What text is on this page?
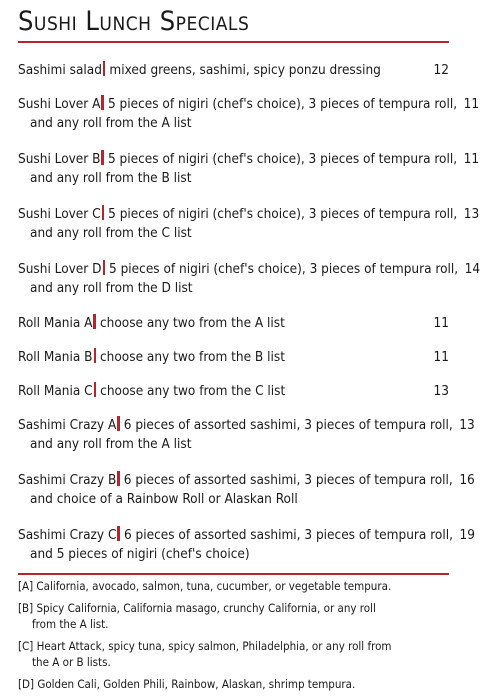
Sushi Lunch Specials
Sashimi salad mixed greens, sashimi, spicy ponzu dressing	12
Sushi Lover A 5 pieces of nigiri (chef's choice), 3 pieces of tempura roll, 11
and any roll from the A list
Sushi Lover B 5 pieces of nigiri (chef's choice), 3 pieces of tempura roll, 11
and any roll from the B list
Sushi Lover C 5 pieces of nigiri (chef's choice), 3 pieces of tempura roll, 13
and any roll from the C list
Sushi Lover D 5 pieces of nigiri (chef's choice), 3 pieces of tempura roll, 14
and any roll from the D list
Roll Mania A choose any two from the A list	11
Roll Mania B choose any two from the B list	11
Roll Mania C choose any two from the C list	13
Sashimi Crazy A 6 pieces of assorted sashimi, 3 pieces of tempura roll, 13
and any roll from the A list
Sashimi Crazy B 6 pieces of assorted sashimi, 3 pieces of tempura roll, 16
and choice of a Rainbow Roll or Alaskan Roll
Sashimi Crazy C 6 pieces of assorted sashimi, 3 pieces of tempura roll, 19
and 5 pieces of nigiri (chef's choice)
[A] California, avocado, salmon, tuna, cucumber, or vegetable tempura.
[B] Spicy California, California masago, crunchy California, or any roll
from the A list.
[C] Heart Attack, spicy tuna, spicy salmon, Philadelphia, or any roll from
the A or B lists.
[D] Golden Cali, Golden Phili, Rainbow, Alaskan, shrimp tempura.
